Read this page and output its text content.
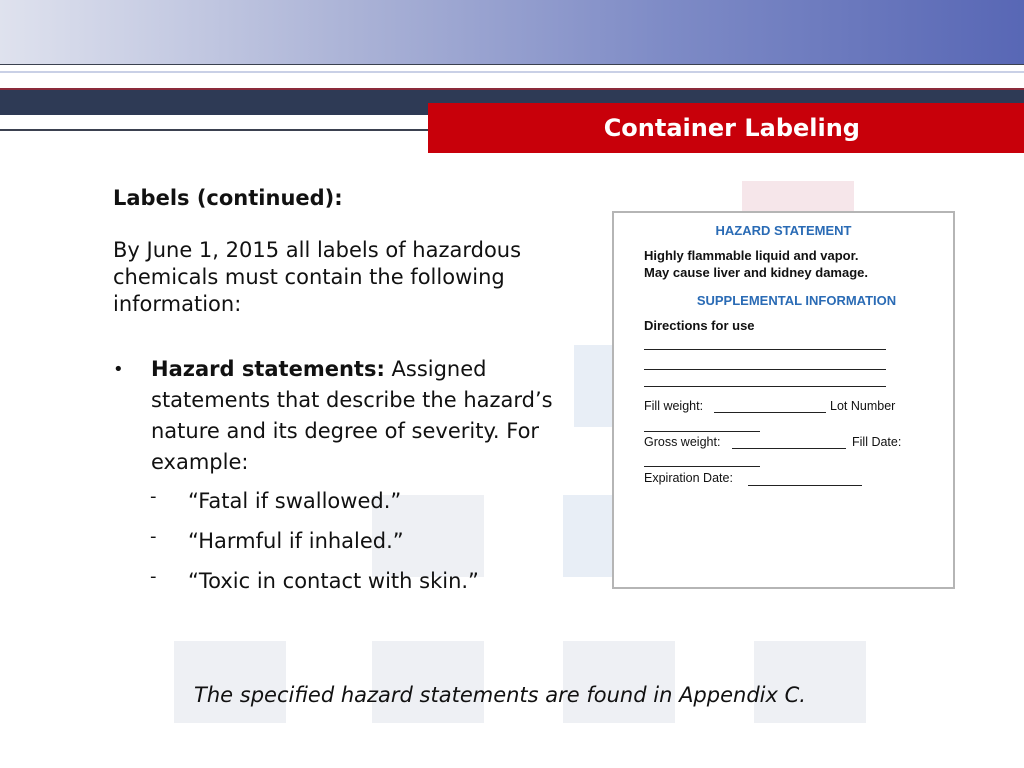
Container Labeling
Labels (continued):
By June 1, 2015 all labels of hazardous chemicals must contain the following information:
• Hazard statements: Assigned statements that describe the hazard’s nature and its degree of severity. For example:
- “Fatal if swallowed.”
- “Harmful if inhaled.”
- “Toxic in contact with skin.”
HAZARD STATEMENT
Highly flammable liquid and vapor.
May cause liver and kidney damage.
SUPPLEMENTAL INFORMATION
Directions for use
Fill weight:	Lot Number
Gross weight:	Fill Date:
Expiration Date:
The specified hazard statements are found in Appendix C.
